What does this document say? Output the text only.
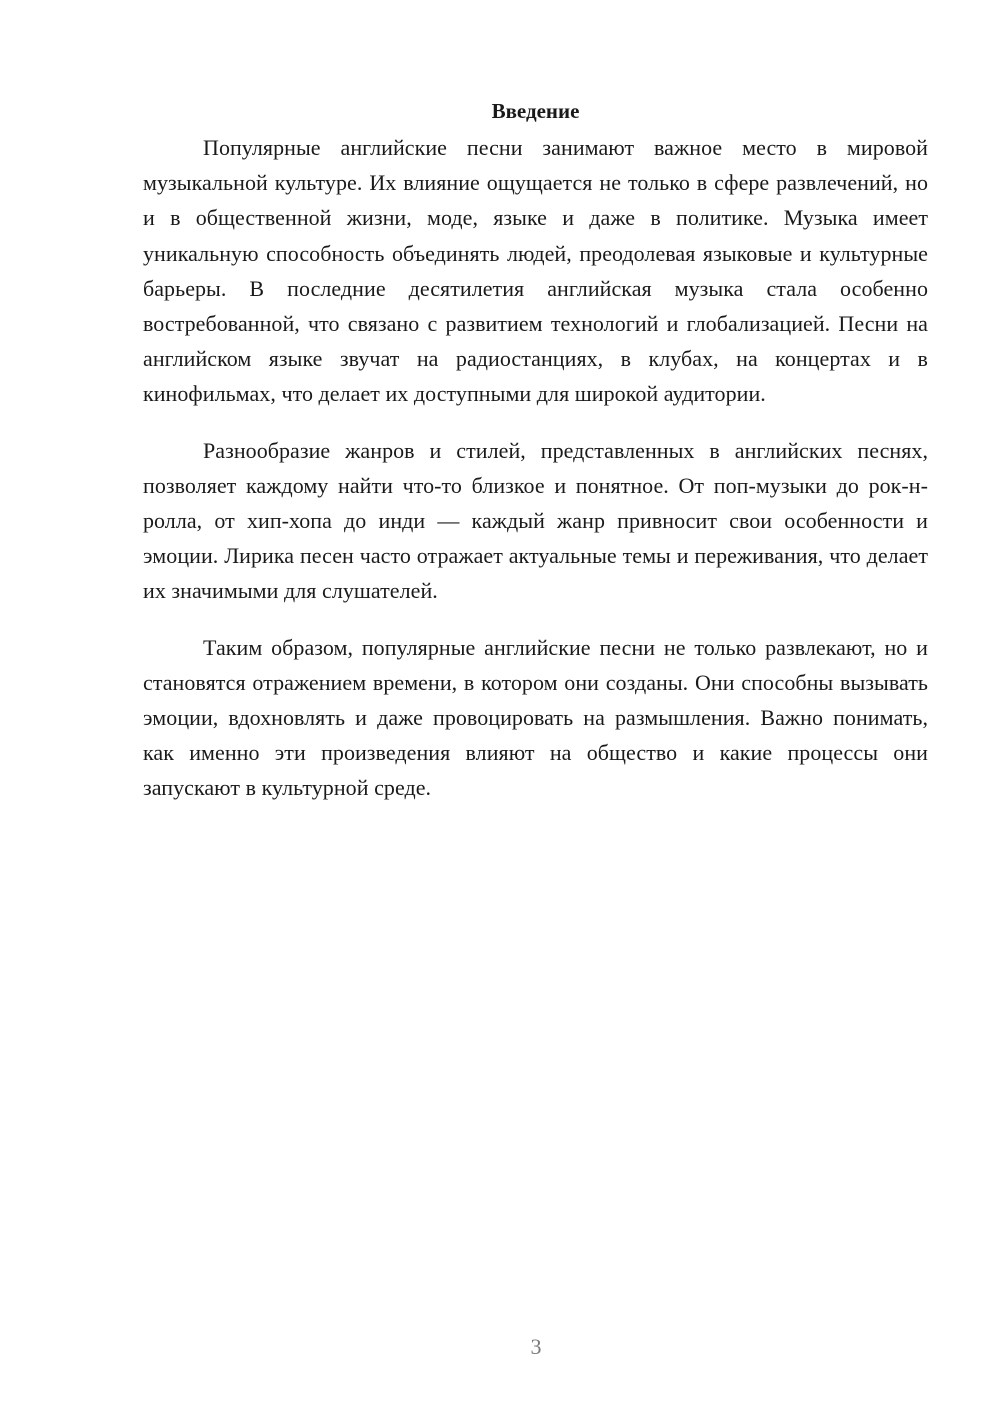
Введение

Популярные английские песни занимают важное место в мировой музыкальной культуре. Их влияние ощущается не только в сфере развлечений, но и в общественной жизни, моде, языке и даже в политике. Музыка имеет уникальную способность объединять людей, преодолевая языковые и культурные барьеры. В последние десятилетия английская музыка стала особенно востребованной, что связано с развитием технологий и глобализацией. Песни на английском языке звучат на радиостанциях, в клубах, на концертах и в кинофильмах, что делает их доступными для широкой аудитории.

Разнообразие жанров и стилей, представленных в английских песнях, позволяет каждому найти что-то близкое и понятное. От поп-музыки до рок-н-ролла, от хип-хопа до инди — каждый жанр привносит свои особенности и эмоции. Лирика песен часто отражает актуальные темы и переживания, что делает их значимыми для слушателей.

Таким образом, популярные английские песни не только развлекают, но и становятся отражением времени, в котором они созданы. Они способны вызывать эмоции, вдохновлять и даже провоцировать на размышления. Важно понимать, как именно эти произведения влияют на общество и какие процессы они запускают в культурной среде.

3
